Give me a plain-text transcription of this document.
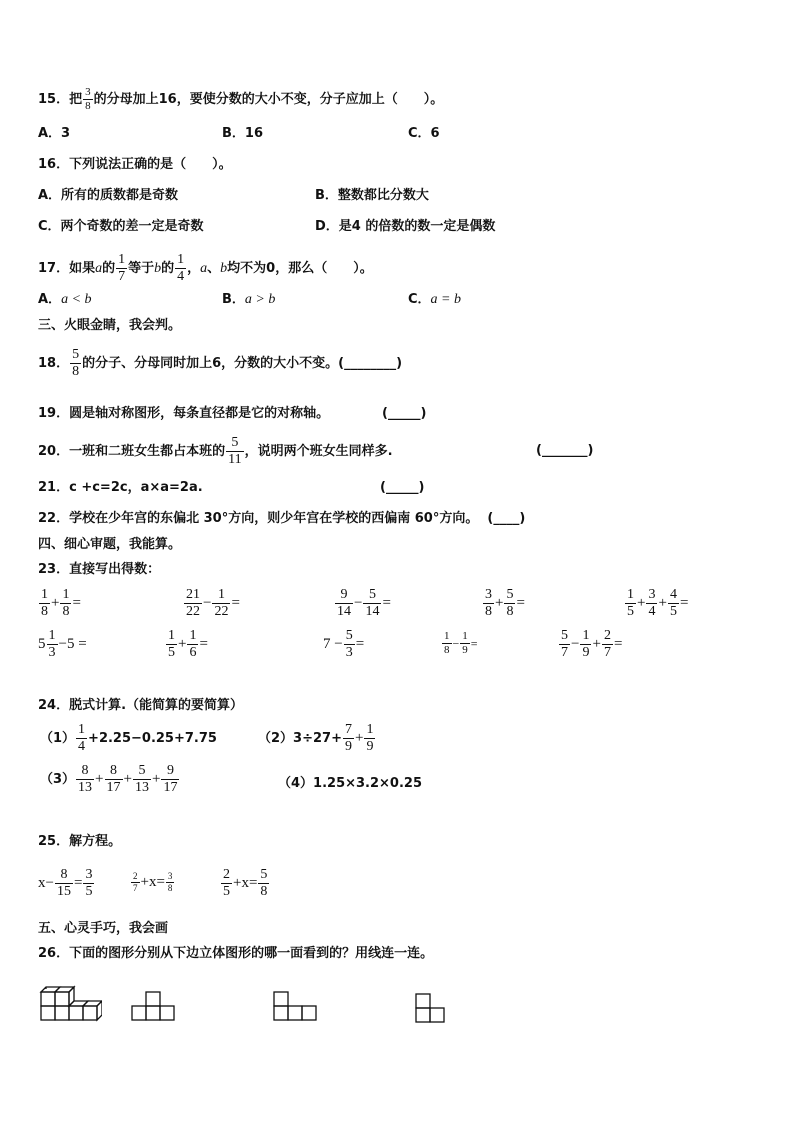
15．把 $\frac{3}{8}$ 的分母加上16，要使分数的大小不变，分子应加上（　　）。
A．3	B．16	C．6
16．下列说法正确的是（　　）。
A．所有的质数都是奇数	B．整数都比分数大
C．两个奇数的差一定是奇数	D．是4 的倍数的数一定是偶数
17．如果a的 $\frac{1}{7}$ 等于b的 $\frac{1}{4}$ ，a、b均不为0，那么（　　）。
A．a < b	B．a > b	C．a = b
三、火眼金睛，我会判。
18． $\frac{5}{8}$ 的分子、分母同时加上6，分数的大小不变。(________)
19．圆是轴对称图形，每条直径都是它的对称轴。	(_____)
20．一班和二班女生都占本班的 $\frac{5}{11}$ ，说明两个班女生同样多.	(_______)
21．c +c=2c，a×a=2a.	(_____)
22．学校在少年宫的东偏北 30°方向，则少年宫在学校的西偏南 60°方向。 (____)
四、细心审题，我能算。
23．直接写出得数：
$\frac{1}{8} + \frac{1}{8}$ =	$\frac{21}{22} - \frac{1}{22}$ =	$\frac{9}{14} - \frac{5}{14}$ =	$\frac{3}{8} + \frac{5}{8}$ =	$\frac{1}{5} + \frac{3}{4} + \frac{4}{5}$ =
$5 \frac{1}{3} -5$ =	$\frac{1}{5} + \frac{1}{6}$ =	$7 - \frac{5}{3}$ =	$\frac{1}{8} - \frac{1}{9}$ =	$\frac{5}{7} - \frac{1}{9} + \frac{2}{7}$ =
24．脱式计算.（能简算的要简算）
$(1) \frac{1}{4} +2.25-0.25+7.75$	$(2)3\div 27+ \frac{7}{9} + \frac{1}{9}$
$(3) \frac{8}{13} + \frac{8}{17} + \frac{5}{13} + \frac{9}{17}$	（4）1.25×3.2×0.25
25．解方程。
$x- \frac{8}{15} = \frac{3}{5}$	$\frac{2}{7} +x= \frac{3}{8}$	$\frac{2}{5} +x= \frac{5}{8}$
五、心灵手巧，我会画
26．下面的图形分别从下边立体图形的哪一面看到的？用线连一连。
